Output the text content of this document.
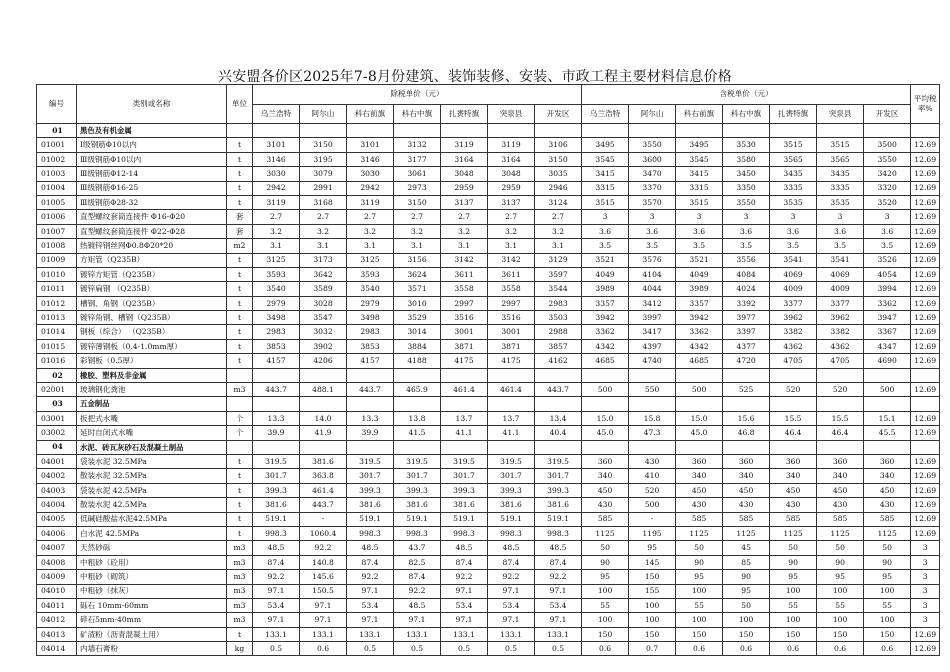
兴安盟各价区2025年7-8月份建筑、装饰装修、安装、市政工程主要材料信息价格
编号	类别或名称	单位	除税单价（元）							含税单价（元）							平均税率%
			乌兰浩特	阿尔山	科右前旗	科右中旗	扎赉特旗	突泉县	开发区	乌兰浩特	阿尔山	科右前旗	科右中旗	扎赉特旗	突泉县	开发区	
01	黑色及有机金属																
01001	Ⅰ级钢筋Φ10以内	t	3101	3150	3101	3132	3119	3119	3106	3495	3550	3495	3530	3515	3515	3500	12.69
01002	Ⅲ级钢筋Φ10以内	t	3146	3195	3146	3177	3164	3164	3150	3545	3600	3545	3580	3565	3565	3550	12.69
01003	Ⅲ级钢筋Φ12-14	t	3030	3079	3030	3061	3048	3048	3035	3415	3470	3415	3450	3435	3435	3420	12.69
01004	Ⅲ级钢筋Φ16-25	t	2942	2991	2942	2973	2959	2959	2946	3315	3370	3315	3350	3335	3335	3320	12.69
01005	Ⅲ级钢筋Φ28-32	t	3119	3168	3119	3150	3137	3137	3124	3515	3570	3515	3550	3535	3535	3520	12.69
01006	直型螺纹套筒连接件 Φ16-Φ20	套	2.7	2.7	2.7	2.7	2.7	2.7	2.7	3	3	3	3	3	3	3	12.69
01007	直型螺纹套筒连接件 Φ22-Φ28	套	3.2	3.2	3.2	3.2	3.2	3.2	3.2	3.6	3.6	3.6	3.6	3.6	3.6	3.6	12.69
01008	热镀锌钢丝网Φ0.8Φ20*20	m2	3.1	3.1	3.1	3.1	3.1	3.1	3.1	3.5	3.5	3.5	3.5	3.5	3.5	3.5	12.69
01009	方矩管（Q235B）	t	3125	3173	3125	3156	3142	3142	3129	3521	3576	3521	3556	3541	3541	3526	12.69
01010	镀锌方矩管（Q235B）	t	3593	3642	3593	3624	3611	3611	3597	4049	4104	4049	4084	4069	4069	4054	12.69
01011	镀锌扁钢 （Q235B）	t	3540	3589	3540	3571	3558	3558	3544	3989	4044	3989	4024	4009	4009	3994	12.69
01012	槽钢、角钢（Q235B）	t	2979	3028	2979	3010	2997	2997	2983	3357	3412	3357	3392	3377	3377	3362	12.69
01013	镀锌角钢、槽钢（Q235B）	t	3498	3547	3498	3529	3516	3516	3503	3942	3997	3942	3977	3962	3962	3947	12.69
01014	钢板（综合） （Q235B）	t	2983	3032	2983	3014	3001	3001	2988	3362	3417	3362	3397	3382	3382	3367	12.69
01015	镀锌薄钢板（0.4-1.0mm厚）	t	3853	3902	3853	3884	3871	3871	3857	4342	4397	4342	4377	4362	4362	4347	12.69
01016	彩钢板（0.5厚）	t	4157	4206	4157	4188	4175	4175	4162	4685	4740	4685	4720	4705	4705	4690	12.69
02	橡胶、塑料及非金属																
02001	玻璃钢化粪池	m3	443.7	488.1	443.7	465.9	461.4	461.4	443.7	500	550	500	525	520	520	500	12.69
03	五金制品																
03001	扳把式水嘴	个	13.3	14.0	13.3	13.8	13.7	13.7	13.4	15.0	15.8	15.0	15.6	15.5	15.5	15.1	12.69
03002	延时自闭式水嘴	个	39.9	41.9	39.9	41.5	41.1	41.1	40.4	45.0	47.3	45.0	46.8	46.4	46.4	45.5	12.69
04	水泥、砖瓦灰砂石及混凝土制品																
04001	袋装水泥 32.5MPa	t	319.5	381.6	319.5	319.5	319.5	319.5	319.5	360	430	360	360	360	360	360	12.69
04002	散装水泥 32.5MPa	t	301.7	363.8	301.7	301.7	301.7	301.7	301.7	340	410	340	340	340	340	340	12.69
04003	袋装水泥 42.5MPa	t	399.3	461.4	399.3	399.3	399.3	399.3	399.3	450	520	450	450	450	450	450	12.69
04004	散装水泥 42.5MPa	t	381.6	443.7	381.6	381.6	381.6	381.6	381.6	430	500	430	430	430	430	430	12.69
04005	低碱硅酸盐水泥42.5MPa	t	519.1	-	519.1	519.1	519.1	519.1	519.1	585	-	585	585	585	585	585	12.69
04006	白水泥 42.5MPa	t	998.3	1060.4	998.3	998.3	998.3	998.3	998.3	1125	1195	1125	1125	1125	1125	1125	12.69
04007	天然砂砾	m3	48.5	92.2	48.5	43.7	48.5	48.5	48.5	50	95	50	45	50	50	50	3
04008	中粗砂（砼用）	m3	87.4	140.8	87.4	82.5	87.4	87.4	87.4	90	145	90	85	90	90	90	3
04009	中粗砂（砌筑）	m3	92.2	145.6	92.2	87.4	92.2	92.2	92.2	95	150	95	90	95	95	95	3
04010	中粗砂（抹灰）	m3	97.1	150.5	97.1	92.2	97.1	97.1	97.1	100	155	100	95	100	100	100	3
04011	砾石 10mm-60mm	m3	53.4	97.1	53.4	48.5	53.4	53.4	53.4	55	100	55	50	55	55	55	3
04012	碎石5mm-40mm	m3	97.1	97.1	97.1	97.1	97.1	97.1	97.1	100	100	100	100	100	100	100	3
04013	矿渣粉（沥青混凝土用）	t	133.1	133.1	133.1	133.1	133.1	133.1	133.1	150	150	150	150	150	150	150	12.69
04014	内墙石膏粉	kg	0.5	0.6	0.5	0.5	0.5	0.5	0.5	0.6	0.7	0.6	0.6	0.6	0.6	0.6	12.69
